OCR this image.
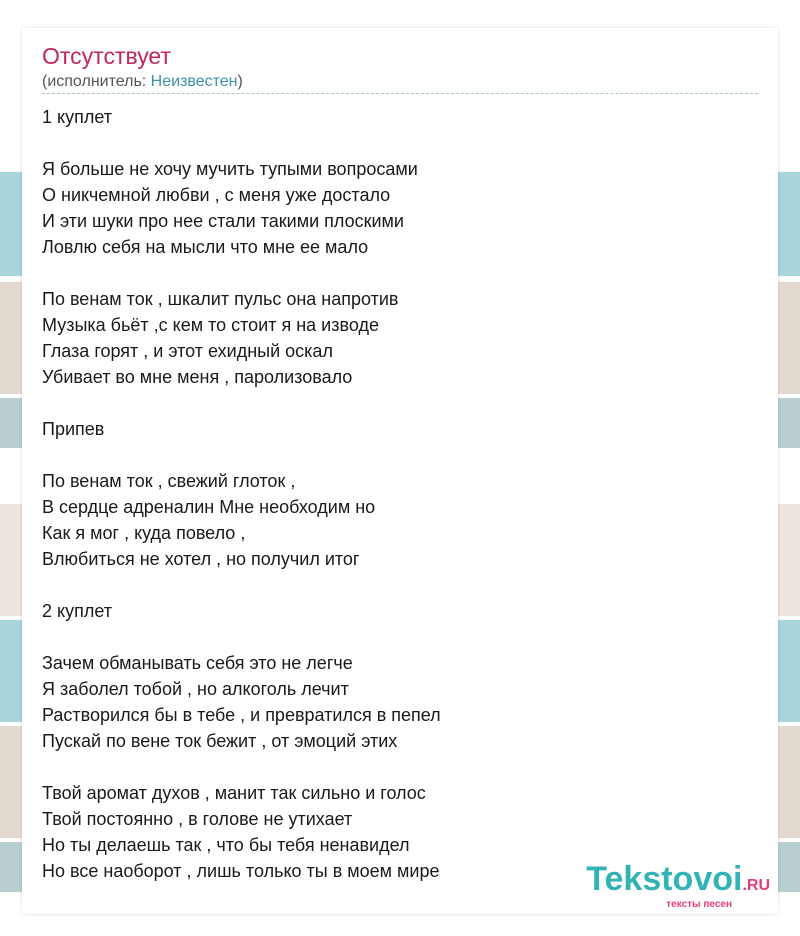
Отсутствует
(исполнитель: Неизвестен)
1 куплет
Я больше не хочу мучить тупыми вопросами
О никчемной любви , с меня уже достало
И эти шуки про нее стали такими плоскими
Ловлю себя на мысли что мне ее мало
По венам ток , шкалит пульс она напротив
Музыка бьёт ,с кем то стоит я на изводе
Глаза горят , и этот ехидный оскал
Убивает во мне меня , паролизовало
Припев
По венам ток , свежий глоток ,
В сердце адреналин Мне необходим но
Как я мог , куда повело ,
Влюбиться не хотел , но получил итог
2 куплет
Зачем обманывать себя это не легче
Я заболел тобой , но алкоголь лечит
Растворился бы в тебе , и превратился в пепел
Пускай по вене ток бежит , от эмоций этих
Твой аромат духов , манит так сильно и голос
Твой постоянно , в голове не утихает
Но ты делаешь так , что бы тебя ненавидел
Но все наоборот , лишь только ты в моем мире	Tekstovoi.RU
тексты песен
